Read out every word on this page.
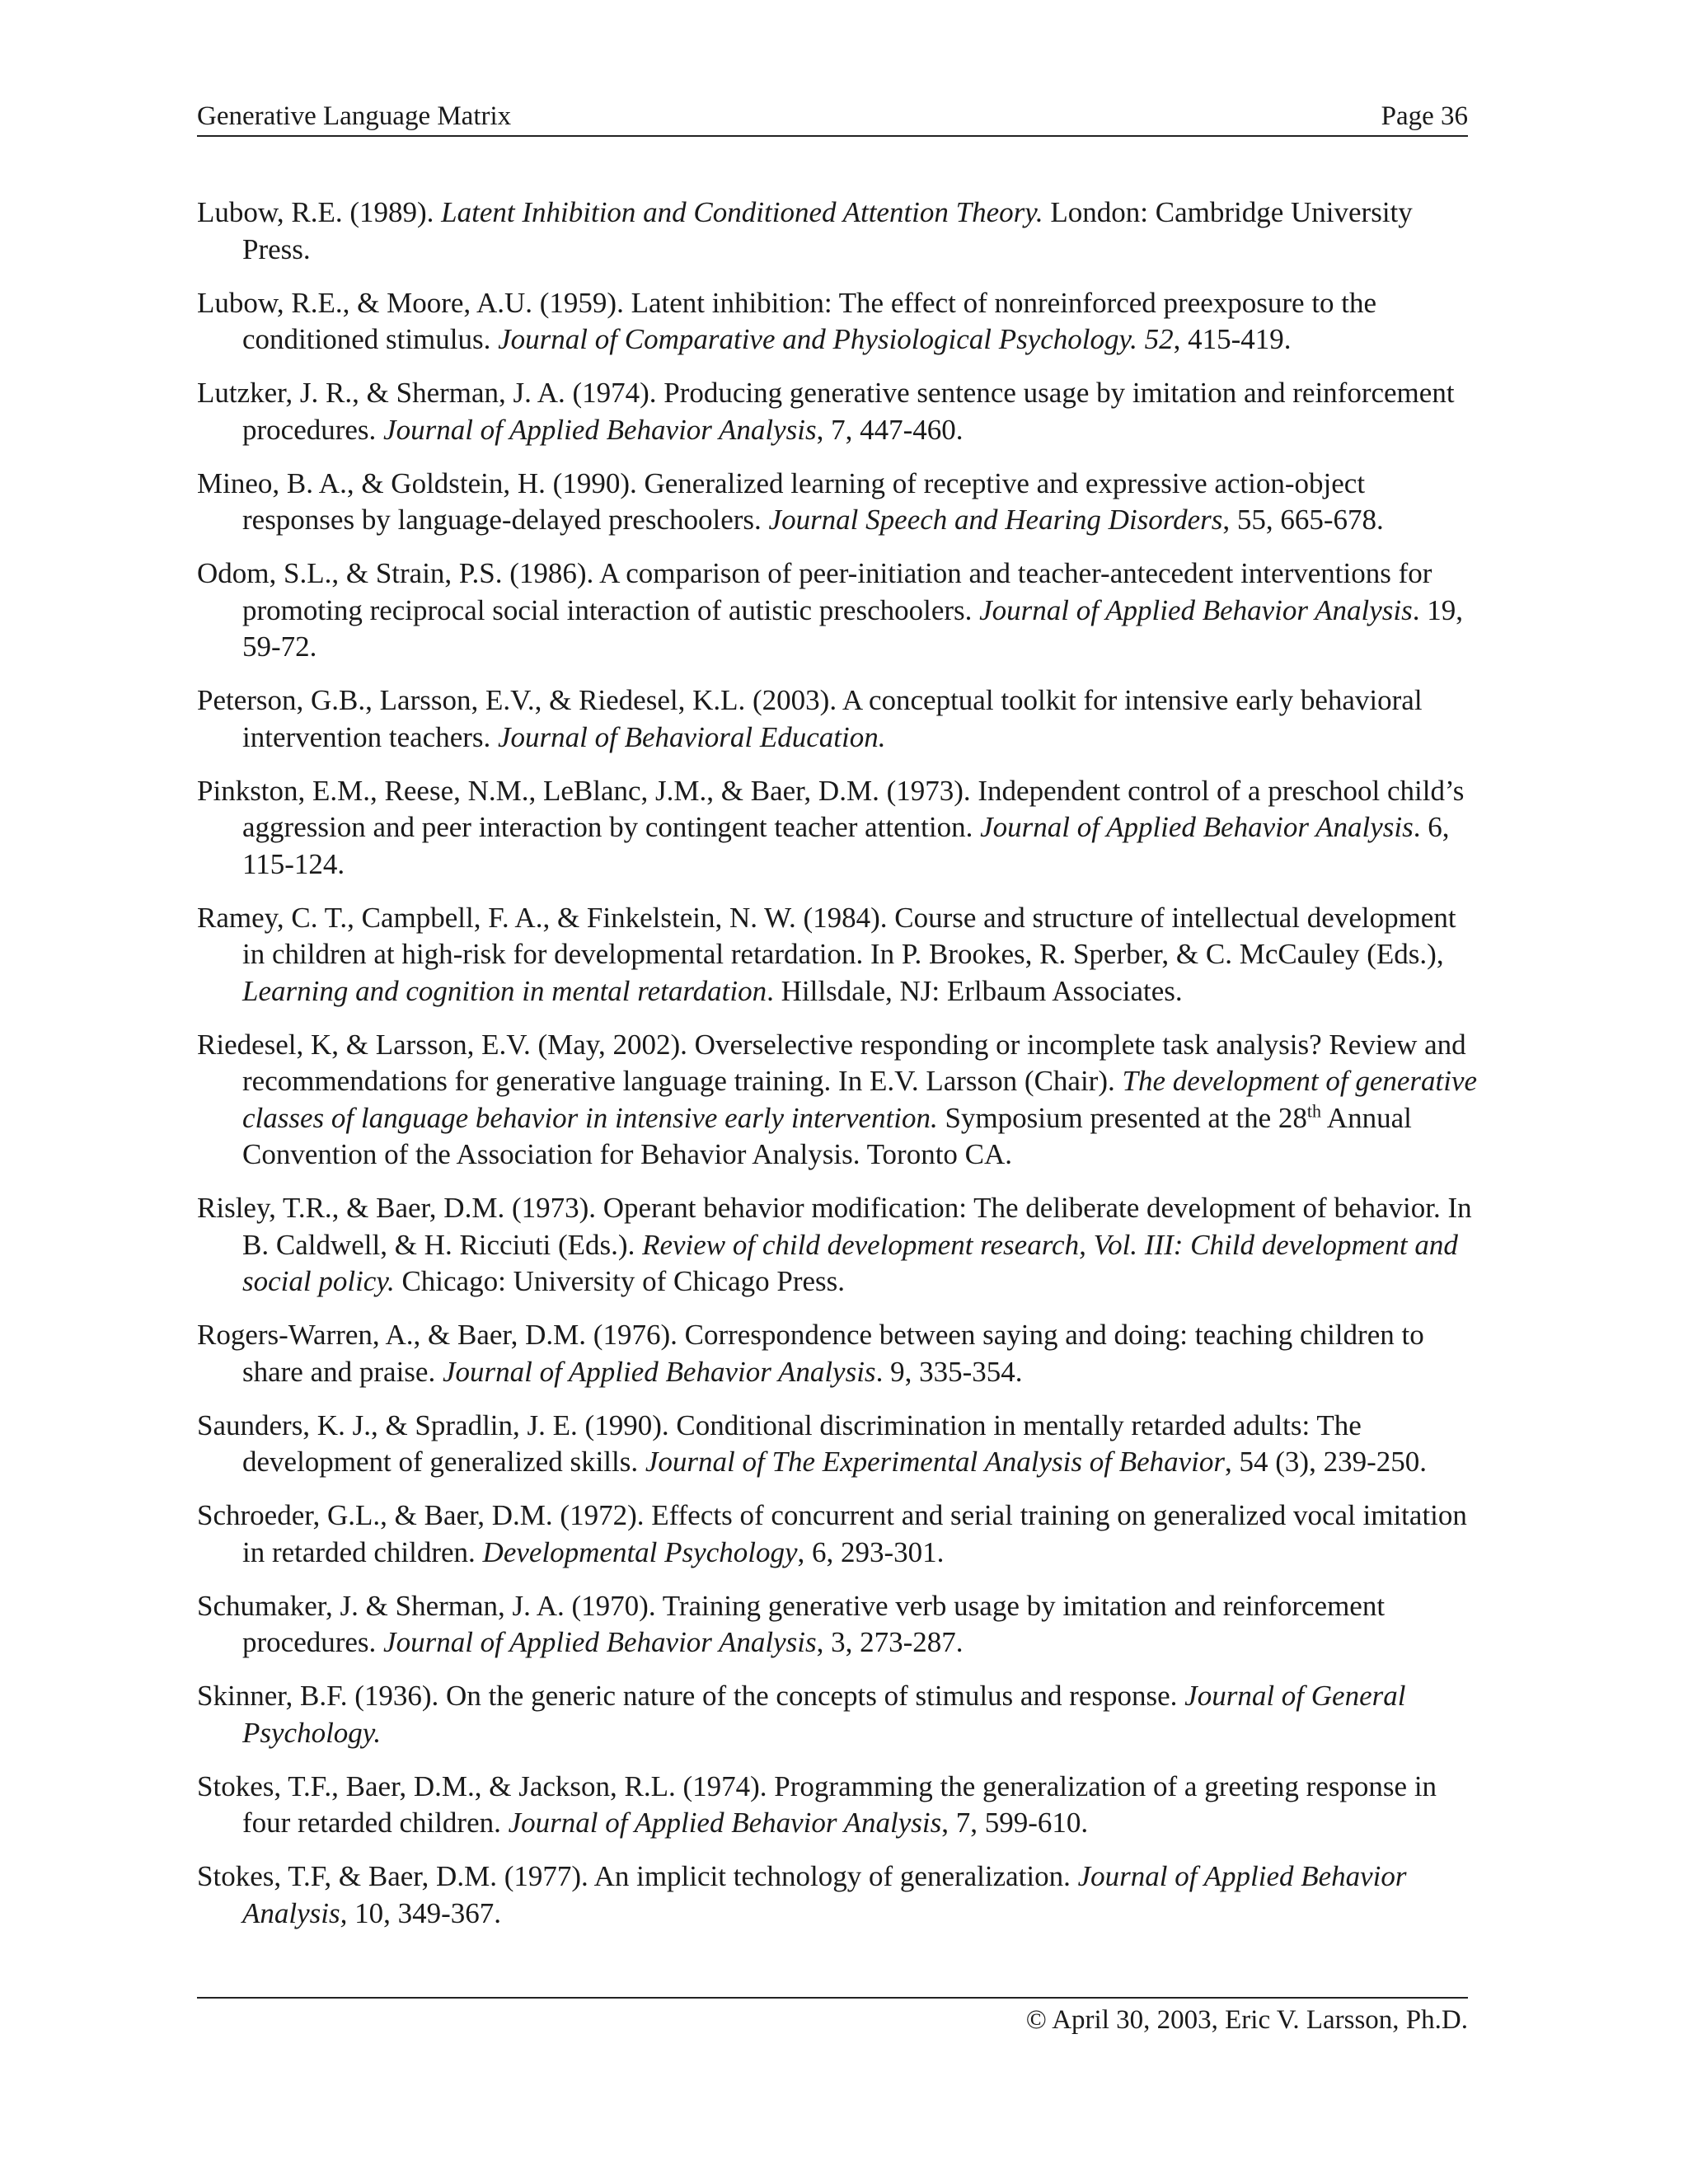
Generative Language Matrix	Page 36

Lubow, R.E. (1989). Latent Inhibition and Conditioned Attention Theory. London: Cambridge University Press.

Lubow, R.E., & Moore, A.U. (1959). Latent inhibition: The effect of nonreinforced preexposure to the conditioned stimulus. Journal of Comparative and Physiological Psychology. 52, 415-419.

Lutzker, J. R., & Sherman, J. A. (1974). Producing generative sentence usage by imitation and reinforcement procedures. Journal of Applied Behavior Analysis, 7, 447-460.

Mineo, B. A., & Goldstein, H. (1990). Generalized learning of receptive and expressive action-object responses by language-delayed preschoolers. Journal Speech and Hearing Disorders, 55, 665-678.

Odom, S.L., & Strain, P.S. (1986). A comparison of peer-initiation and teacher-antecedent interventions for promoting reciprocal social interaction of autistic preschoolers. Journal of Applied Behavior Analysis. 19, 59-72.

Peterson, G.B., Larsson, E.V., & Riedesel, K.L. (2003). A conceptual toolkit for intensive early behavioral intervention teachers. Journal of Behavioral Education.

Pinkston, E.M., Reese, N.M., LeBlanc, J.M., & Baer, D.M. (1973). Independent control of a preschool child’s aggression and peer interaction by contingent teacher attention. Journal of Applied Behavior Analysis. 6, 115-124.

Ramey, C. T., Campbell, F. A., & Finkelstein, N. W. (1984). Course and structure of intellectual development in children at high-risk for developmental retardation. In P. Brookes, R. Sperber, & C. McCauley (Eds.), Learning and cognition in mental retardation. Hillsdale, NJ: Erlbaum Associates.

Riedesel, K, & Larsson, E.V. (May, 2002). Overselective responding or incomplete task analysis? Review and recommendations for generative language training. In E.V. Larsson (Chair). The development of generative classes of language behavior in intensive early intervention. Symposium presented at the 28th Annual Convention of the Association for Behavior Analysis. Toronto CA.

Risley, T.R., & Baer, D.M. (1973). Operant behavior modification: The deliberate development of behavior. In B. Caldwell, & H. Ricciuti (Eds.). Review of child development research, Vol. III: Child development and social policy. Chicago: University of Chicago Press.

Rogers-Warren, A., & Baer, D.M. (1976). Correspondence between saying and doing: teaching children to share and praise. Journal of Applied Behavior Analysis. 9, 335-354.

Saunders, K. J., & Spradlin, J. E. (1990). Conditional discrimination in mentally retarded adults: The development of generalized skills. Journal of The Experimental Analysis of Behavior, 54 (3), 239-250.

Schroeder, G.L., & Baer, D.M. (1972). Effects of concurrent and serial training on generalized vocal imitation in retarded children. Developmental Psychology, 6, 293-301.

Schumaker, J. & Sherman, J. A. (1970). Training generative verb usage by imitation and reinforcement procedures. Journal of Applied Behavior Analysis, 3, 273-287.

Skinner, B.F. (1936). On the generic nature of the concepts of stimulus and response. Journal of General Psychology.

Stokes, T.F., Baer, D.M., & Jackson, R.L. (1974). Programming the generalization of a greeting response in four retarded children. Journal of Applied Behavior Analysis, 7, 599-610.

Stokes, T.F, & Baer, D.M. (1977). An implicit technology of generalization. Journal of Applied Behavior Analysis, 10, 349-367.

© April 30, 2003, Eric V. Larsson, Ph.D.
